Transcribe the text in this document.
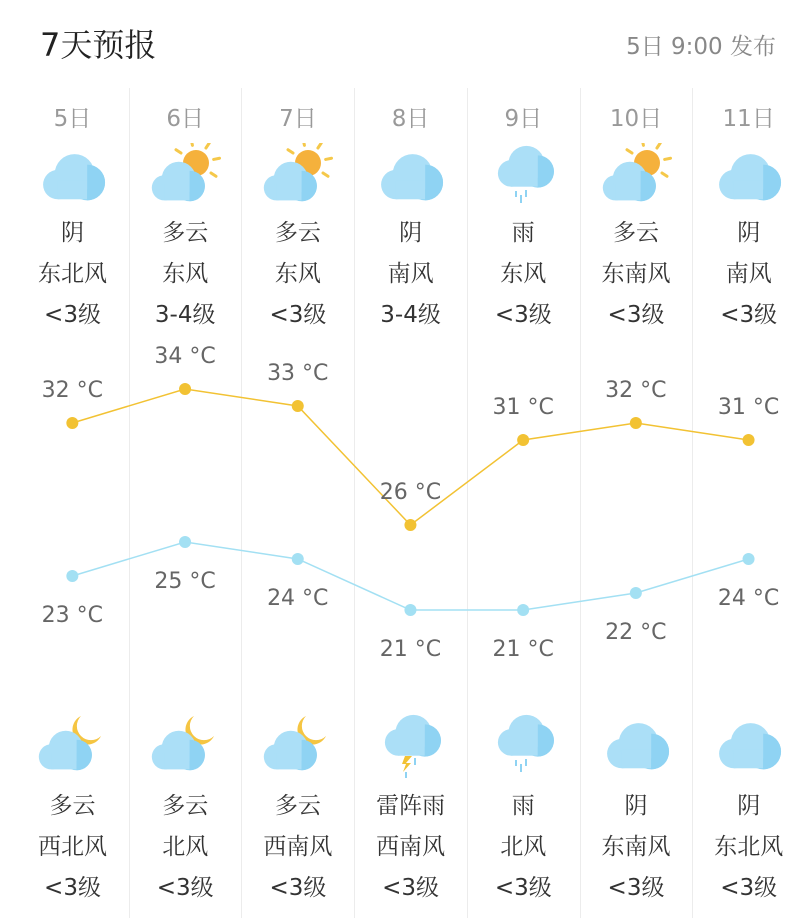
7天预报	5日 9:00 发布
5日
阴
东北风
<3级
多云
西北风
<3级
6日
多云
东风
3-4级
多云
北风
<3级
7日
多云
东风
<3级
多云
西南风
<3级
8日
阴
南风
3-4级
雷阵雨
西南风
<3级
9日
雨
东风
<3级
雨
北风
<3级
10日
多云
东南风
<3级
阴
东南风
<3级
11日
阴
南风
<3级
阴
东北风
<3级
32 °C
34 °C
33 °C
26 °C
31 °C
32 °C
31 °C
23 °C
25 °C
24 °C
21 °C 21 °C
22 °C
24 °C
